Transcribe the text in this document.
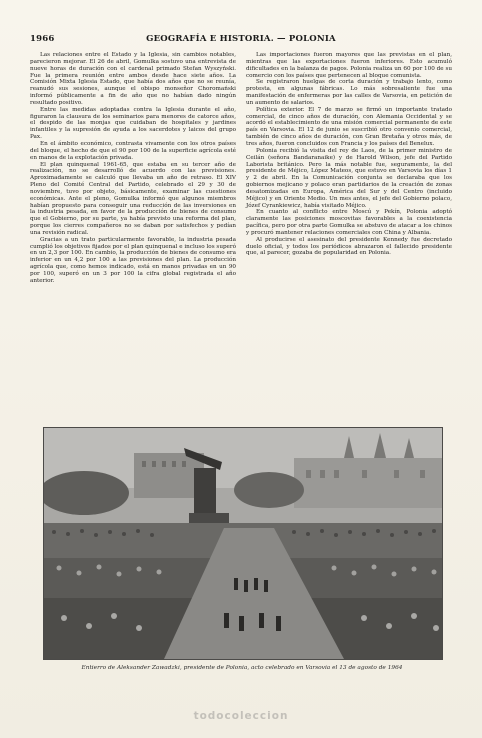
1966	GEOGRAFÍA E HISTORIA. — POLONIA

Las relaciones entre el Estado y la Iglesia, sin cambios notables, parecieron mejorar. El 26 de abril, Gomulka sostuvo una entrevista de nueve horas de duración con el cardenal primado Stefan Wyszyński. Fue la primera reunión entre ambos desde hace siete años. La Comisión Mixta Iglesia Estado, que había dos años que no se reunía, reanudó sus sesiones, aunque el obispo monseñor Choromański informó públicamente a fin de año que no habían dado ningún resultado positivo.

Entre las medidas adoptadas contra la Iglesia durante el año, figuraron la clausura de los seminarios para menores de catorce años, el despido de las monjas que cuidaban de hospitales y jardines infantiles y la supresión de ayuda a los sacerdotes y laicos del grupo Pax.

En el ámbito económico, contrasta vivamente con los otros países del bloque, el hecho de que el 90 por 100 de la superficie agrícola esté en manos de la explotación privada.

El plan quinquenal 1961-65, que estaba en su tercer año de realización, no se desarrolló de acuerdo con las previsiones. Aproximadamente se calculó que llevaba un año de retraso. El XIV Pleno del Comité Central del Partido, celebrado el 29 y 30 de noviembre, tuvo por objeto, básicamente, examinar las cuestiones económicas. Ante el pleno, Gomulka informó que algunos miembros habían propuesto para conseguir una reducción de las inversiones en la industria pesada, en favor de la producción de bienes de consumo que el Gobierno, por su parte, ya había previsto una reforma del plan, porque los cierres compañeros no se daban por satisfechos y pedían una revisión radical.

Gracias a un trato particularmente favorable, la industria pesada cumplió los objetivos fijados por el plan quinquenal e incluso los superó en un 2,3 por 100. En cambio, la producción de bienes de consumo era inferior en un 4,2 por 100 a las previsiones del plan. La producción agrícola que, como hemos indicado, está en manos privadas en un 90 por 100, superó en un 3 por 100 la cifra global registrada el año anterior.

Las importaciones fueron mayores que las previstas en el plan, mientras que las exportaciones fueron inferiores. Esto acumuló dificultades en la balanza de pagos. Polonia realiza un 60 por 100 de su comercio con los países que pertenecen al bloque comunista.

Se registraron huelgas de corta duración y trabajo lento, como protesta, en algunas fábricas. Lo más sobresaliente fue una manifestación de enfermeras por las calles de Varsovia, en petición de un aumento de salarios.

Política exterior. El 7 de marzo se firmó un importante tratado comercial, de cinco años de duración, con Alemania Occidental y se acordó el establecimiento de una misión comercial permanente de este país en Varsovia. El 12 de junio se suscribió otro convenio comercial, también de cinco años de duración, con Gran Bretaña y otros más, de tres años, fueron concluidos con Francia y los países del Benelux.

Polonia recibió la visita del rey de Laos, de la primer ministro de Ceilán (señora Bandaranaike) y de Harold Wilson, jefe del Partido Laborista británico. Pero la más notable fue, seguramente, la del presidente de Méjico, López Mateos, que estuvo en Varsovia los días 1 y 2 de abril. En la Comunicación conjunta se declaraba que los gobiernos mejicano y polaco eran partidarios de la creación de zonas desatomizadas en Europa, América del Sur y del Centro (incluido Méjico) y en Oriente Medio. Un mes antes, el jefe del Gobierno polaco, Józef Cyrankiewicz, había visitado Méjico.

En cuanto al conflicto entre Moscú y Pekín, Polonia adoptó claramente las posiciones moscovitas favorables a la coexistencia pacífica, pero por otra parte Gomulka se abstuvo de atacar a los chinos y procuró mantener relaciones comerciales con China y Albania.

Al producirse el asesinato del presidente Kennedy fue decretado duelo oficial, y todos los periódicos abrazaron el fallecido presidente que, al parecer, gozaba de popularidad en Polonia.

Entierro de Aleksander Zawadzki, presidente de Polonia, acto celebrado en Varsovia el 13 de agosto de 1964
todocoleccion
